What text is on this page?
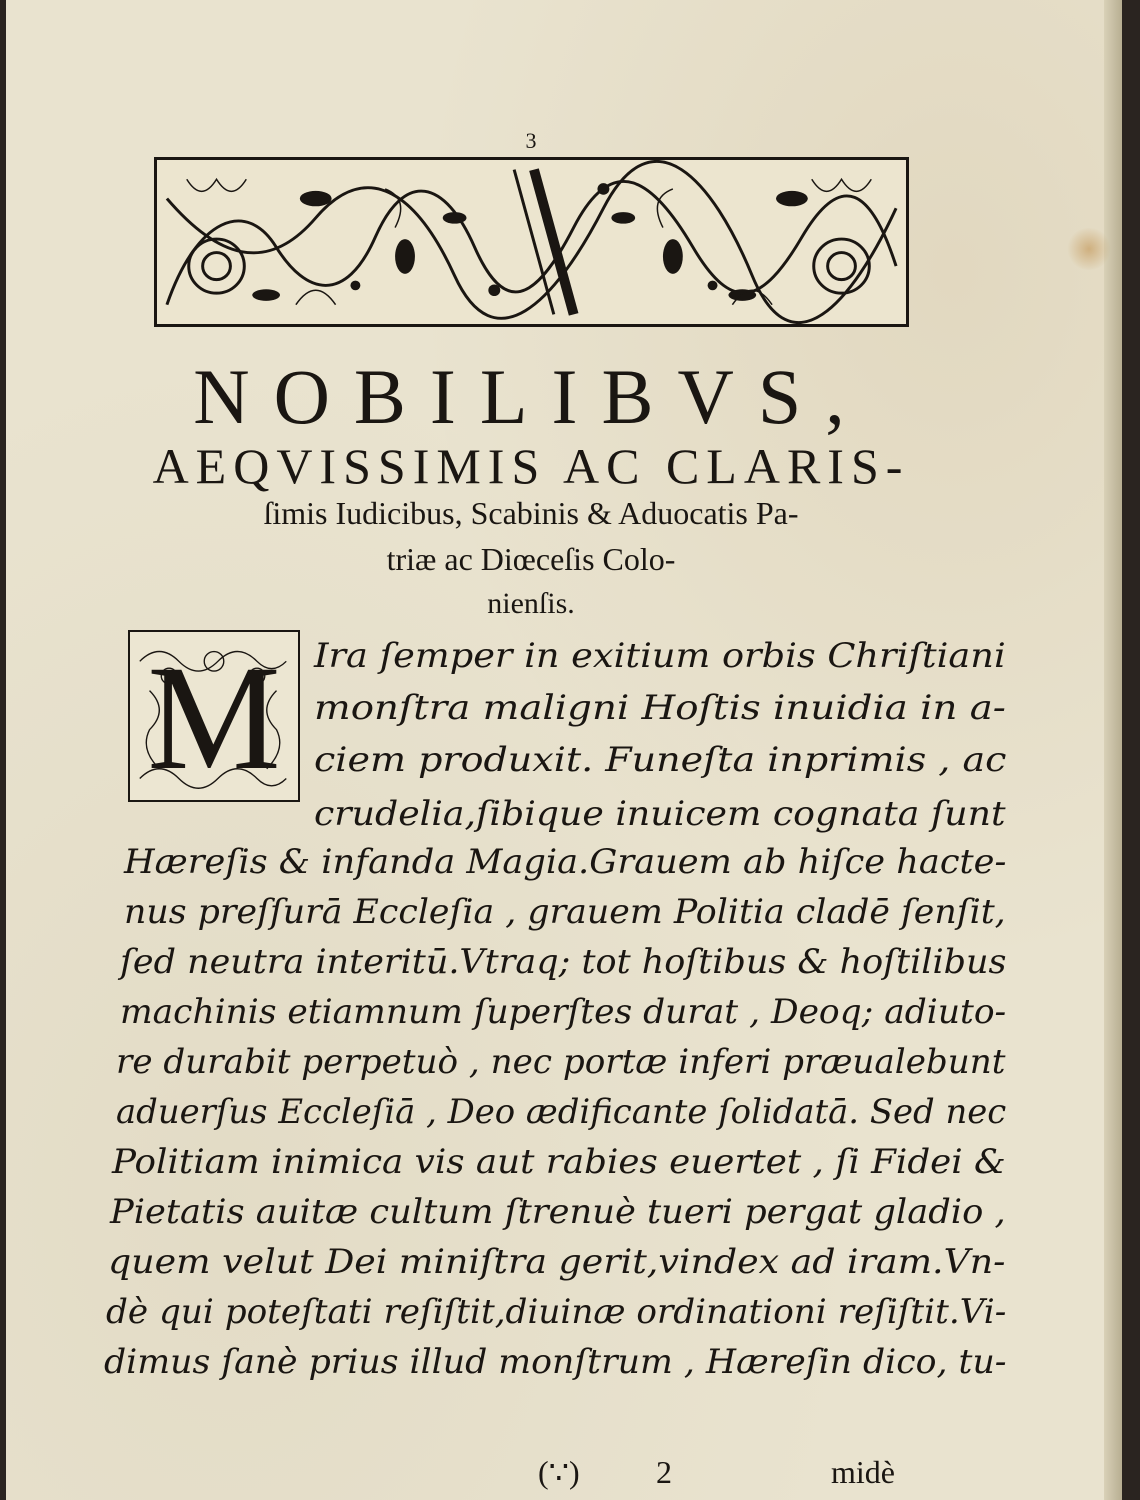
3
NOBILIBVS,
AEQVISSIMIS AC CLARIS-
ſimis Iudicibus, Scabinis & Aduocatis Pa-
triæ ac Diœceſis Colo-
nienſis.
M Ira ſemper in exitium orbis Chriſtiani
monſtra maligni Hoſtis inuidia in a-
ciem produxit. Funeſta inprimis , ac
crudelia,ſibique inuicem cognata ſunt
Hæreſis & infanda Magia.Grauem ab hiſce hacte-
nus preſſurā Eccleſia , grauem Politia cladē ſenſit,
ſed neutra interitū.Vtraq; tot hoſtibus & hoſtilibus
machinis etiamnum ſuperſtes durat , Deoq; adiuto-
re durabit perpetuò , nec portæ inferi præualebunt
aduerſus Eccleſiā , Deo ædificante ſolidatā. Sed nec
Politiam inimica vis aut rabies euertet , ſi Fidei &
Pietatis auitæ cultum ſtrenuè tueri pergat gladio ,
quem velut Dei miniſtra gerit,vindex ad iram.Vn-
dè qui poteſtati reſiſtit,diuinæ ordinationi reſiſtit.Vi-
dimus ſanè prius illud monſtrum , Hæreſin dico, tu-
(∵) 2	midè
